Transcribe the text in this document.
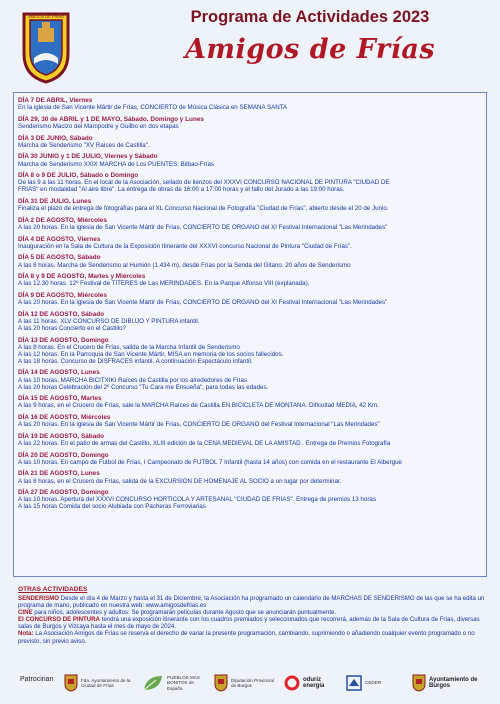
AMIGOS DE FRIAS	Programa de Actividades 2023
Amigos de Frías
DÍA 7 DE ABRIL, Viernes
En la iglesia de San Vicente Mártir de Frías, CONCIERTO de Música Clásica en SEMANA SANTA
DÍA 29, 30 de ABRIL y 1 DE MAYO, Sábado, Domingo y Lunes
Senderismo Macizo del Mampodre y Guilbo en dos etapas
DÍA 3 DE JUNIO, Sábado
Marcha de Senderismo "XV Raíces de Castilla".
DÍA 30 JUNIO y 1 DE JULIO, Viernes y Sábado
Marcha de Senderismo XXIX MARCHA de Los PUENTES: Bilbao-Frías
DÍA 8 o 9 DE JULIO, Sábado o Domingo
De las 9 a las 11 horas. En el local de la Asociación, sellado de lienzos del XXXVI CONCURSO NACIONAL DE PINTURA "CIUDAD DE
FRÍAS" en modalidad "Al aire libre". La entrega de obras de 16:00 a 17:00 horas y el fallo del Jurado a las 19:00 horas.
DÍA 31 DE JULIO, Lunes
Finaliza el plazo de entrega de fotografías para el XL Concurso Nacional de Fotografía "Ciudad de Frías", abierto desde el 20 de Junio.
DÍA 2 DE AGOSTO, Miércoles
A las 20 horas. En la iglesia de San Vicente Mártir de Frías, CONCIERTO DE ÓRGANO del XI Festival Internacional "Las Merindades"
DÍA 4 DE AGOSTO, Viernes
Inauguración en la Sala de Cultura de la Exposición Itinerante del XXXVI concurso Nacional de Pintura "Ciudad de Frías".
DÍA 5 DE AGOSTO, Sábado
A las 8 horas. Marcha de Senderismo al Humión (1.434 m), desde Frías por la Senda del Gitano. 20 años de Senderismo
DÍA 8 y 9 DE AGOSTO, Martes y Miércoles
A las 12.30 horas. 12º Festival de TÍTERES de Las MERINDADES. En la Parque Alfonso VIII (explanada),
DÍA 9 DE AGOSTO, Miércoles
A las 20 horas. En la iglesia de San Vicente Mártir de Frías, CONCIERTO DE ÓRGANO del XI Festival Internacional "Las Merindades"
DÍA 12 DE AGOSTO, Sábado
A las 11 horas. XLV CONCURSO DE DIBUJO Y PINTURA infantil.
A las 20 horas Concierto en el Castillo?
DÍA 13 DE AGOSTO, Domingo
A las 8 horas. En el Crucero de Frías, salida de la Marcha Infantil de Senderismo
A las 12 horas. En la Parroquia de San Vicente Mártir, MISA en memoria de los socios fallecidos.
A las 18 horas. Concurso de DISFRACES infantil. A continuación Espectáculo infantil.
DÍA 14 DE AGOSTO, Lunes
A las 10 horas, MARCHA BICITXIKI Raíces de Castilla por los alrededores de Frías
A las 20 horas Celebración del 2º Concurso "Tu Cara me Ensueña", para todas las edades.
DÍA 15 DE AGOSTO, Martes
A las 9 horas, en el Crucero de Frías, sale la MARCHA Raíces de Castilla EN BICICLETA DE MONTAÑA. Dificultad MEDIA, 42 Km.
DÍA 16 DE AGOSTO, Miércoles
A las 20 horas. En la iglesia de San Vicente Mártir de Frías, CONCIERTO DE ÓRGANO del Festival Internacional "Las Merindades"
DÍA 19 DE AGOSTO, Sábado
A las 22 horas. En el patio de armas del Castillo, XLIII edición de la CENA MEDIEVAL DE LA AMISTAD . Entrega de Premios Fotografía
DÍA 20 DE AGOSTO, Domingo
A las 10 horas. En campo de Futbol de Frías, I Campeonato de FUTBOL 7 Infantil (hasta 14 años) con comida en el restaurante El Albergue
DÍA 21 DE AGOSTO, Lunes
A las 8 horas, en el Crucero de Frías, salida de la EXCURSIÓN DE HOMENAJE AL SOCIO a un lugar por determinar.
DÍA 27 DE AGOSTO, Domingo
A las 10 horas. Apertura del XXXVI CONCURSO HORTÍCOLA Y ARTESANAL "CIUDAD DE FRÍAS". Entrega de premios 13 horas
A las 15 horas Comida del socio Alubiada con Pacheras Ferroviarias
OTRAS ACTIVIDADES
SENDERISMO Desde el día 4 de Marzo y hasta el 31 de Diciembre, la Asociación ha programado un calendario de MARCHAS DE SENDERISMO de las que se ha edita un programa de mano, publicado en nuestra web: www.amigosdefrias.es
CINE para niños, adolescentes y adultos: Se programarán películas durante Agosto que se anunciarán puntualmente.
El CONCURSO DE PINTURA tendrá una exposición itinerante con los cuadros premiados y seleccionados que recorrerá, además de la Sala de Cultura de Frías, diversas salas de Burgos y Vizcaya hasta el mes de mayo de 2024.
Nota: La Asociación Amigos de Frías se reserva el derecho de variar la presente programación, cambiando, suprimiendo o añadiendo cualquier evento programado o no previsto, sin previo aviso.
Patrocinan	Fda. Ayuntamiento de la Ciudad de Frías
PUEBLOS MÁS BONITOS de España
Diputación Provincial de Burgos
oduriz energía
CEDER
Ayuntamiento de Burgos
